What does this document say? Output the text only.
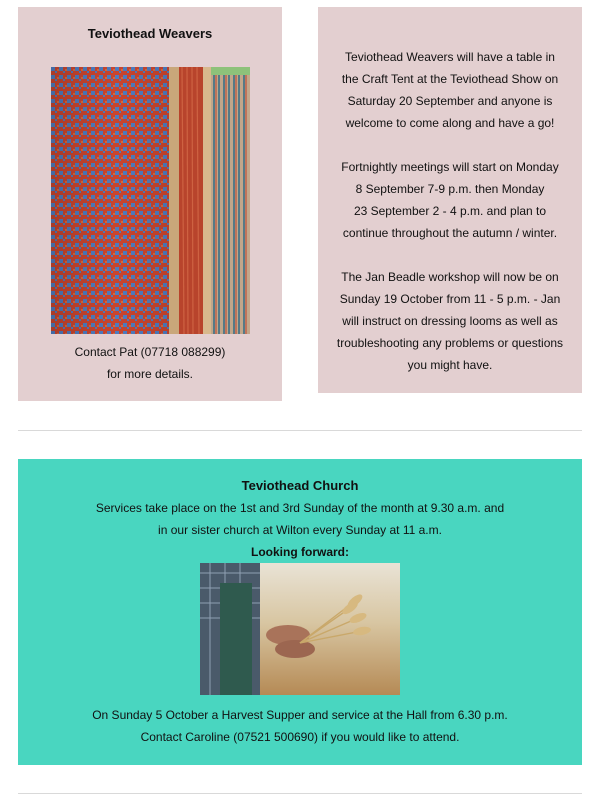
Teviothead Weavers

Contact Pat (07718 088299)

for more details.

Teviothead Weavers will have a table in
the Craft Tent at the Teviothead Show on
Saturday 20 September and anyone is
welcome to come along and have a go!

Fortnightly meetings will start on Monday
8 September 7-9 p.m. then Monday
23 September 2 - 4 p.m. and plan to
continue throughout the autumn / winter.

The Jan Beadle workshop will now be on
Sunday 19 October from 11 - 5 p.m. - Jan
will instruct on dressing looms as well as
troubleshooting any problems or questions
you might have.

Teviothead Church

Services take place on the 1st and 3rd Sunday of the month at 9.30 a.m. and

in our sister church at Wilton every Sunday at 11 a.m.

Looking forward:

On Sunday 5 October a Harvest Supper and service at the Hall from 6.30 p.m.

Contact Caroline (07521 500690) if you would like to attend.
